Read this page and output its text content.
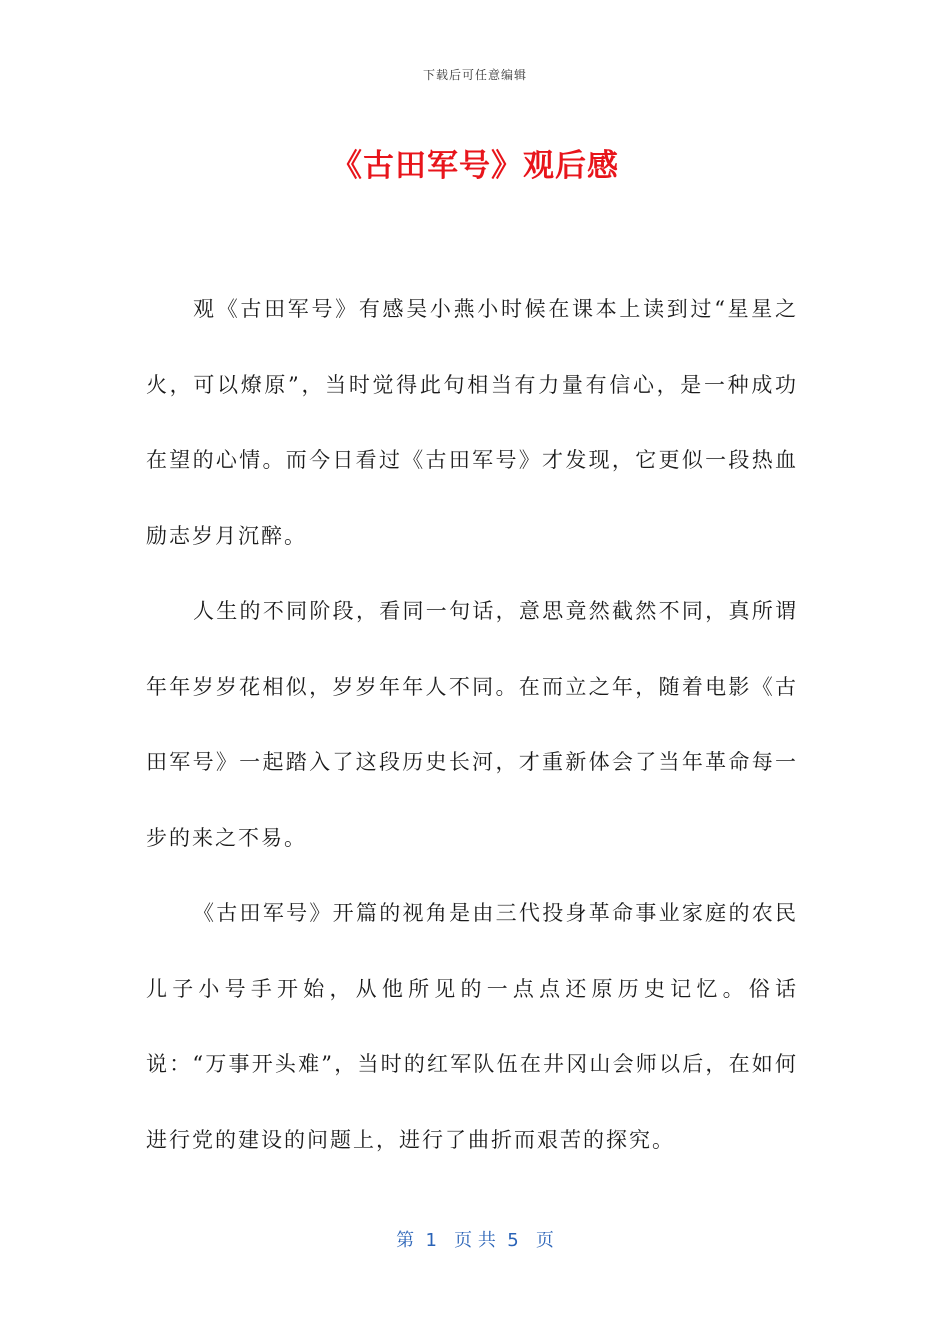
下载后可任意编辑
《古田军号》观后感

观《古田军号》有感吴小燕小时候在课本上读到过“星星之火，可以燎原”，当时觉得此句相当有力量有信心，是一种成功在望的心情。而今日看过《古田军号》才发现，它更似一段热血励志岁月沉醉。

人生的不同阶段，看同一句话，意思竟然截然不同，真所谓年年岁岁花相似，岁岁年年人不同。在而立之年，随着电影《古田军号》一起踏入了这段历史长河，才重新体会了当年革命每一步的来之不易。

《古田军号》开篇的视角是由三代投身革命事业家庭的农民儿子小号手开始，从他所见的一点点还原历史记忆。俗话说：“万事开头难”，当时的红军队伍在井冈山会师以后，在如何进行党的建设的问题上，进行了曲折而艰苦的探究。

第  1   页 共  5   页
